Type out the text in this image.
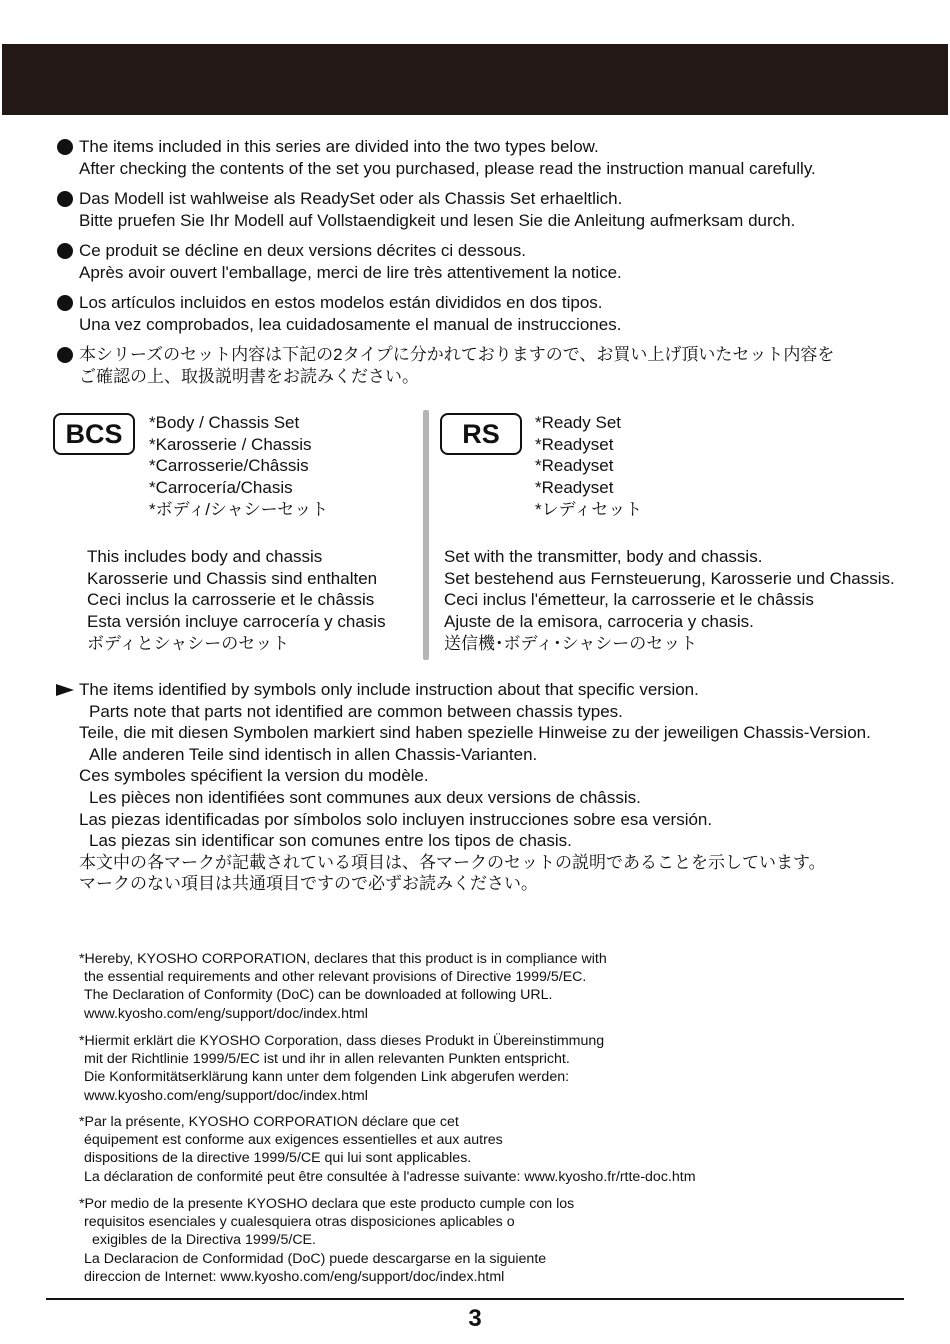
The items included in this series are divided into the two types below.
After checking the contents of the set you purchased, please read the instruction manual carefully.
Das Modell ist wahlweise als ReadySet oder als Chassis Set erhaeltlich.
Bitte pruefen Sie Ihr Modell auf Vollstaendigkeit und lesen Sie die Anleitung aufmerksam durch.
Ce produit se décline en deux versions décrites ci dessous.
Après avoir ouvert l'emballage, merci de lire très attentivement la notice.
Los artículos incluidos en estos modelos están divididos en dos tipos.
Una vez comprobados, lea cuidadosamente el manual de instrucciones.
本シリーズのセット内容は下記の2タイプに分かれておりますので、お買い上げ頂いたセット内容を
ご確認の上、取扱説明書をお読みください。
BCS	*Body / Chassis Set
*Karosserie / Chassis
*Carrosserie/Châssis
*Carrocería/Chasis
*ボディ/シャシーセット
This includes body and chassis
Karosserie und Chassis sind enthalten
Ceci inclus la carrosserie et le châssis
Esta versión incluye carrocería y chasis
ボディとシャシーのセット
RS	*Ready Set
*Readyset
*Readyset
*Readyset
*レディセット
Set with the transmitter, body and chassis.
Set bestehend aus Fernsteuerung, Karosserie und Chassis.
Ceci inclus l'émetteur, la carrosserie et le châssis
Ajuste de la emisora, carroceria y chasis.
送信機･ボディ･シャシーのセット
The items identified by symbols only include instruction about that specific version.
Parts note that parts not identified are common between chassis types.
Teile, die mit diesen Symbolen markiert sind haben spezielle Hinweise zu der jeweiligen Chassis-Version.
Alle anderen Teile sind identisch in allen Chassis-Varianten.
Ces symboles spécifient la version du modèle.
Les pièces non identifiées sont communes aux deux versions de châssis.
Las piezas identificadas por símbolos solo incluyen instrucciones sobre esa versión.
Las piezas sin identificar son comunes entre los tipos de chasis.
本文中の各マークが記載されている項目は、各マークのセットの説明であることを示しています。
マークのない項目は共通項目ですので必ずお読みください。
*Hereby, KYOSHO CORPORATION, declares that this product is in compliance with
the essential requirements and other relevant provisions of Directive 1999/5/EC.
The Declaration of Conformity (DoC) can be downloaded at following URL.
www.kyosho.com/eng/support/doc/index.html
*Hiermit erklärt die KYOSHO Corporation, dass dieses Produkt in Übereinstimmung
mit der Richtlinie 1999/5/EC ist und ihr in allen relevanten Punkten entspricht.
Die Konformitätserklärung kann unter dem folgenden Link abgerufen werden:
www.kyosho.com/eng/support/doc/index.html
*Par la présente, KYOSHO CORPORATION déclare que cet
équipement est conforme aux exigences essentielles et aux autres
dispositions de la directive 1999/5/CE qui lui sont applicables.
La déclaration de conformité peut être consultée à l'adresse suivante: www.kyosho.fr/rtte-doc.htm
*Por medio de la presente KYOSHO declara que este producto cumple con los
requisitos esenciales y cualesquiera otras disposiciones aplicables o
exigibles de la Directiva 1999/5/CE.
La Declaracion de Conformidad (DoC) puede descargarse en la siguiente
direccion de Internet: www.kyosho.com/eng/support/doc/index.html
3
